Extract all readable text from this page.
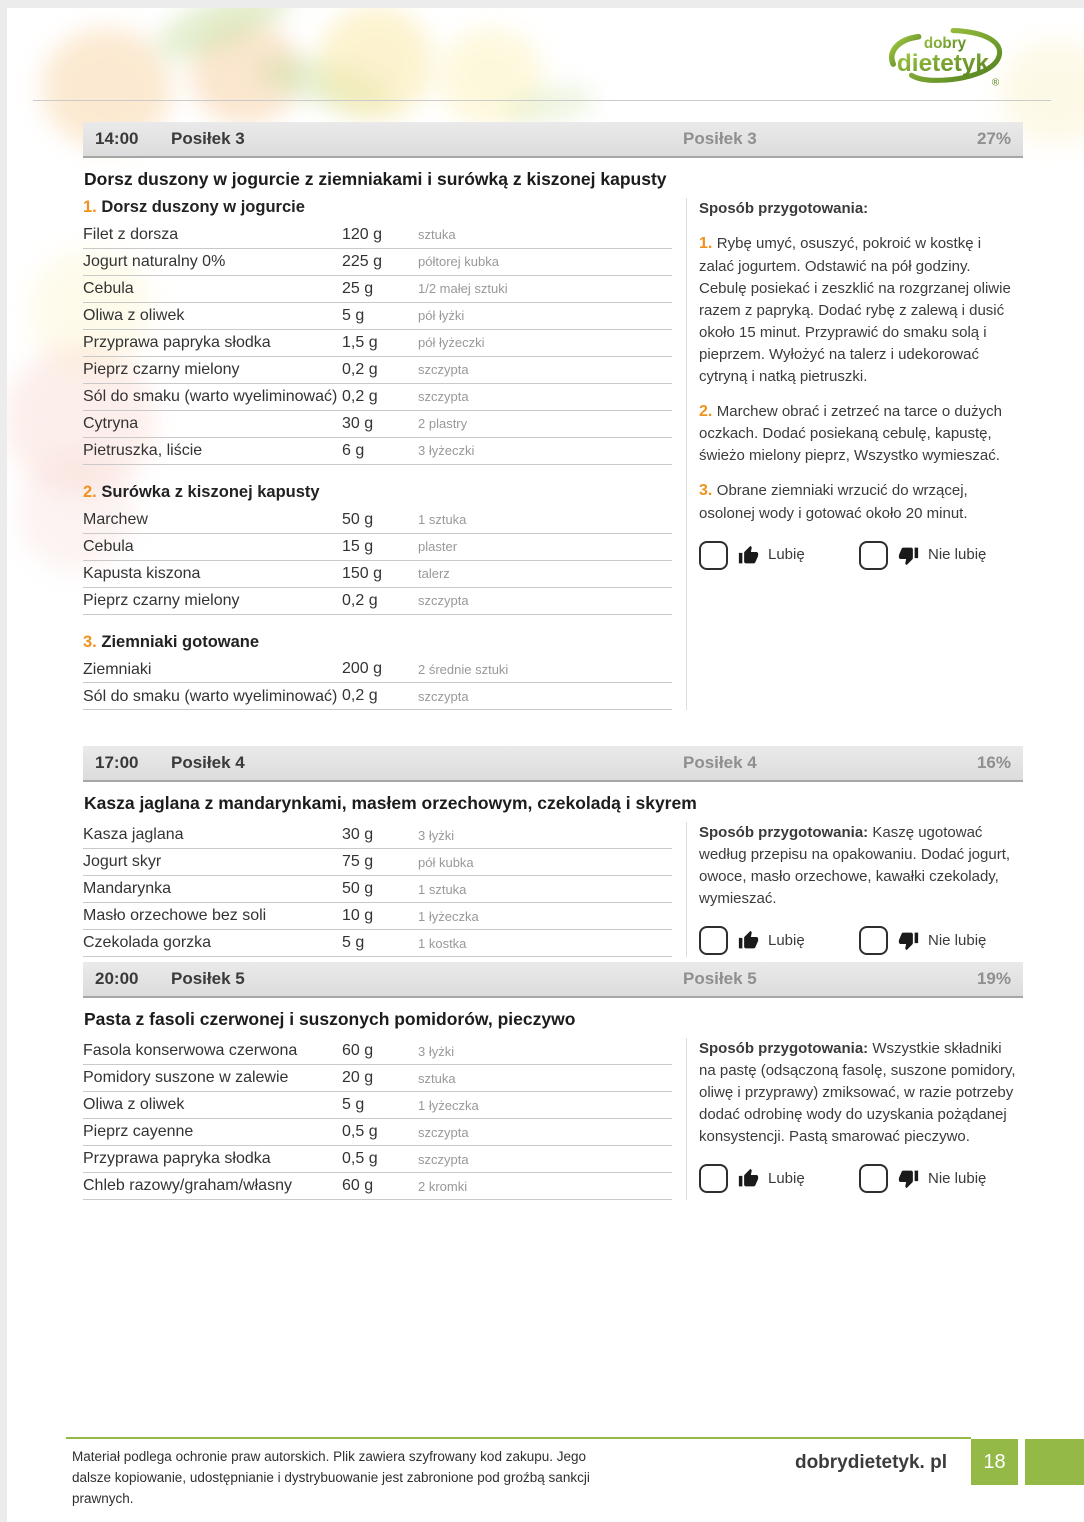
dobry
dietetyk
®
14:00	Posiłek 3	Posiłek 3	27%
Dorsz duszony w jogurcie z ziemniakami i surówką z kiszonej kapusty
1. Dorsz duszony w jogurcie
Filet z dorsza	120 g	sztuka
Jogurt naturalny 0%	225 g	półtorej kubka
Cebula	25 g	1/2 małej sztuki
Oliwa z oliwek	5 g	pół łyżki
Przyprawa papryka słodka	1,5 g	pół łyżeczki
Pieprz czarny mielony	0,2 g	szczypta
Sól do smaku (warto wyeliminować) 0,2 g	szczypta
Cytryna	30 g	2 plastry
Pietruszka, liście	6 g	3 łyżeczki
2. Surówka z kiszonej kapusty
Marchew	50 g	1 sztuka
Cebula	15 g	plaster
Kapusta kiszona	150 g	talerz
Pieprz czarny mielony	0,2 g	szczypta
3. Ziemniaki gotowane
Ziemniaki	200 g	2 średnie sztuki
Sól do smaku (warto wyeliminować) 0,2 g	szczypta

Sposób przygotowania:

1. Rybę umyć, osuszyć, pokroić w kostkę i zalać jogurtem. Odstawić na pół godziny. Cebulę posiekać i zeszklić na rozgrzanej oliwie razem z papryką. Dodać rybę z zalewą i dusić około 15 minut. Przyprawić do smaku solą i pieprzem. Wyłożyć na talerz i udekorować cytryną i natką pietruszki.

2. Marchew obrać i zetrzeć na tarce o dużych oczkach. Dodać posiekaną cebulę, kapustę, świeżo mielony pieprz, Wszystko wymieszać.

3. Obrane ziemniaki wrzucić do wrzącej, osolonej wody i gotować około 20 minut.

Lubię	Nie lubię
17:00	Posiłek 4	Posiłek 4	16%
Kasza jaglana z mandarynkami, masłem orzechowym, czekoladą i skyrem
Kasza jaglana	30 g	3 łyżki
Jogurt skyr	75 g	pół kubka
Mandarynka	50 g	1 sztuka
Masło orzechowe bez soli	10 g	1 łyżeczka
Czekolada gorzka	5 g	1 kostka

Sposób przygotowania: Kaszę ugotować według przepisu na opakowaniu. Dodać jogurt, owoce, masło orzechowe, kawałki czekolady, wymieszać.

Lubię	Nie lubię
20:00	Posiłek 5	Posiłek 5	19%
Pasta z fasoli czerwonej i suszonych pomidorów, pieczywo
Fasola konserwowa czerwona	60 g	3 łyżki
Pomidory suszone w zalewie	20 g	sztuka
Oliwa z oliwek	5 g	1 łyżeczka
Pieprz cayenne	0,5 g	szczypta
Przyprawa papryka słodka	0,5 g	szczypta
Chleb razowy/graham/własny	60 g	2 kromki

Sposób przygotowania: Wszystkie składniki na pastę (odsączoną fasolę, suszone pomidory, oliwę i przyprawy) zmiksować, w razie potrzeby dodać odrobinę wody do uzyskania pożądanej konsystencji. Pastą smarować pieczywo.

Lubię	Nie lubię
Materiał podlega ochronie praw autorskich. Plik zawiera szyfrowany kod zakupu. Jego dalsze kopiowanie, udostępnianie i dystrybuowanie jest zabronione pod groźbą sankcji prawnych.
dobrydietetyk. pl	18
